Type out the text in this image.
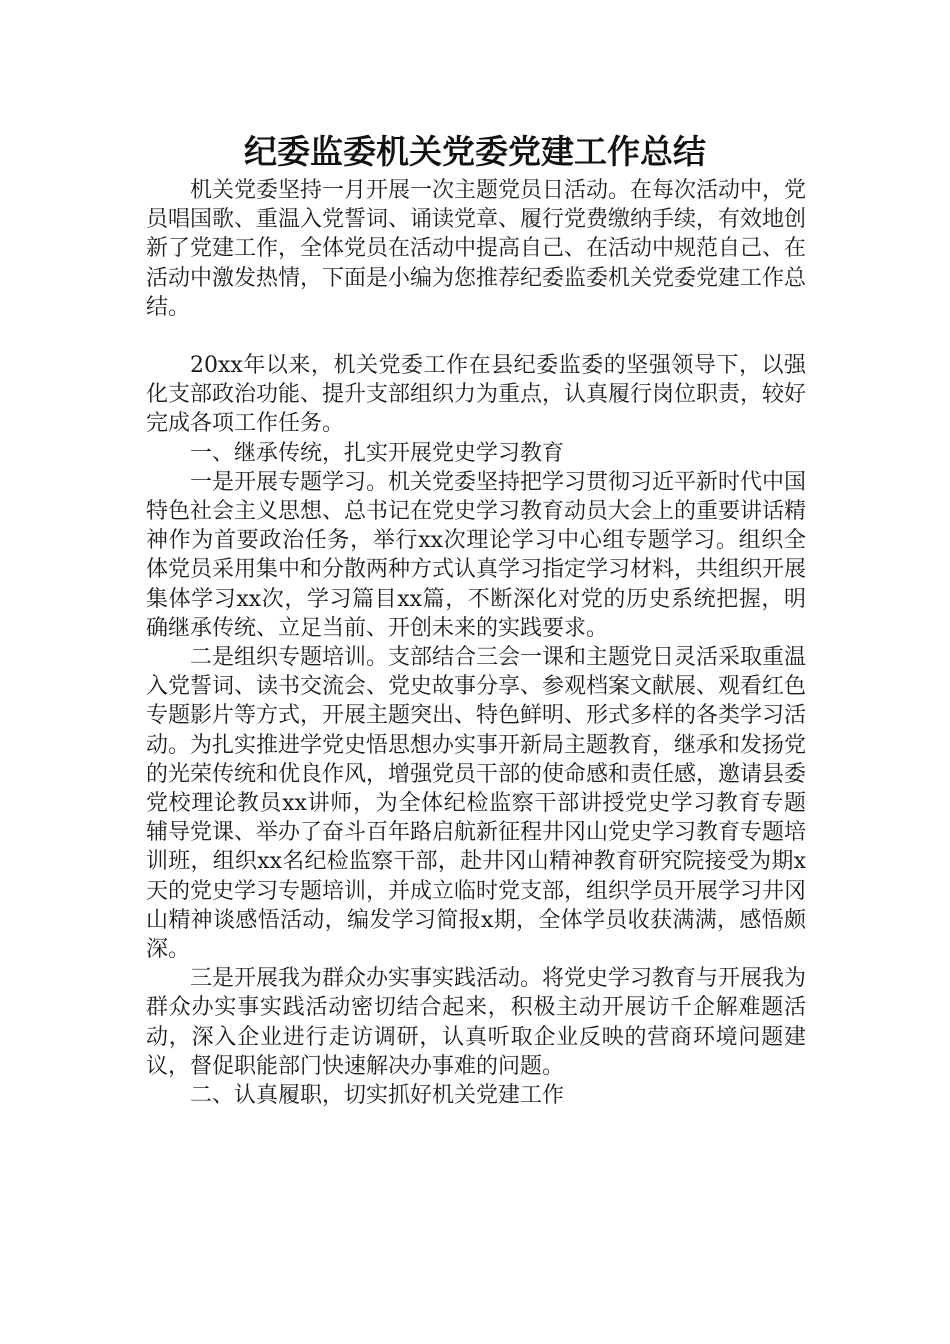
纪委监委机关党委党建工作总结

机关党委坚持一月开展一次主题党员日活动。在每次活动中，党员唱国歌、重温入党誓词、诵读党章、履行党费缴纳手续，有效地创新了党建工作，全体党员在活动中提高自己、在活动中规范自己、在活动中激发热情，下面是小编为您推荐纪委监委机关党委党建工作总结。

20xx年以来，机关党委工作在县纪委监委的坚强领导下，以强化支部政治功能、提升支部组织力为重点，认真履行岗位职责，较好完成各项工作任务。

一、继承传统，扎实开展党史学习教育

一是开展专题学习。机关党委坚持把学习贯彻习近平新时代中国特色社会主义思想、总书记在党史学习教育动员大会上的重要讲话精神作为首要政治任务，举行xx次理论学习中心组专题学习。组织全体党员采用集中和分散两种方式认真学习指定学习材料，共组织开展集体学习xx次，学习篇目xx篇，不断深化对党的历史系统把握，明确继承传统、立足当前、开创未来的实践要求。

二是组织专题培训。支部结合三会一课和主题党日灵活采取重温入党誓词、读书交流会、党史故事分享、参观档案文献展、观看红色专题影片等方式，开展主题突出、特色鲜明、形式多样的各类学习活动。为扎实推进学党史悟思想办实事开新局主题教育，继承和发扬党的光荣传统和优良作风，增强党员干部的使命感和责任感，邀请县委党校理论教员xx讲师，为全体纪检监察干部讲授党史学习教育专题辅导党课、举办了奋斗百年路启航新征程井冈山党史学习教育专题培训班，组织xx名纪检监察干部，赴井冈山精神教育研究院接受为期x天的党史学习专题培训，并成立临时党支部，组织学员开展学习井冈山精神谈感悟活动，编发学习简报x期，全体学员收获满满，感悟颇深。

三是开展我为群众办实事实践活动。将党史学习教育与开展我为群众办实事实践活动密切结合起来，积极主动开展访千企解难题活动，深入企业进行走访调研，认真听取企业反映的营商环境问题建议，督促职能部门快速解决办事难的问题。

二、认真履职，切实抓好机关党建工作
